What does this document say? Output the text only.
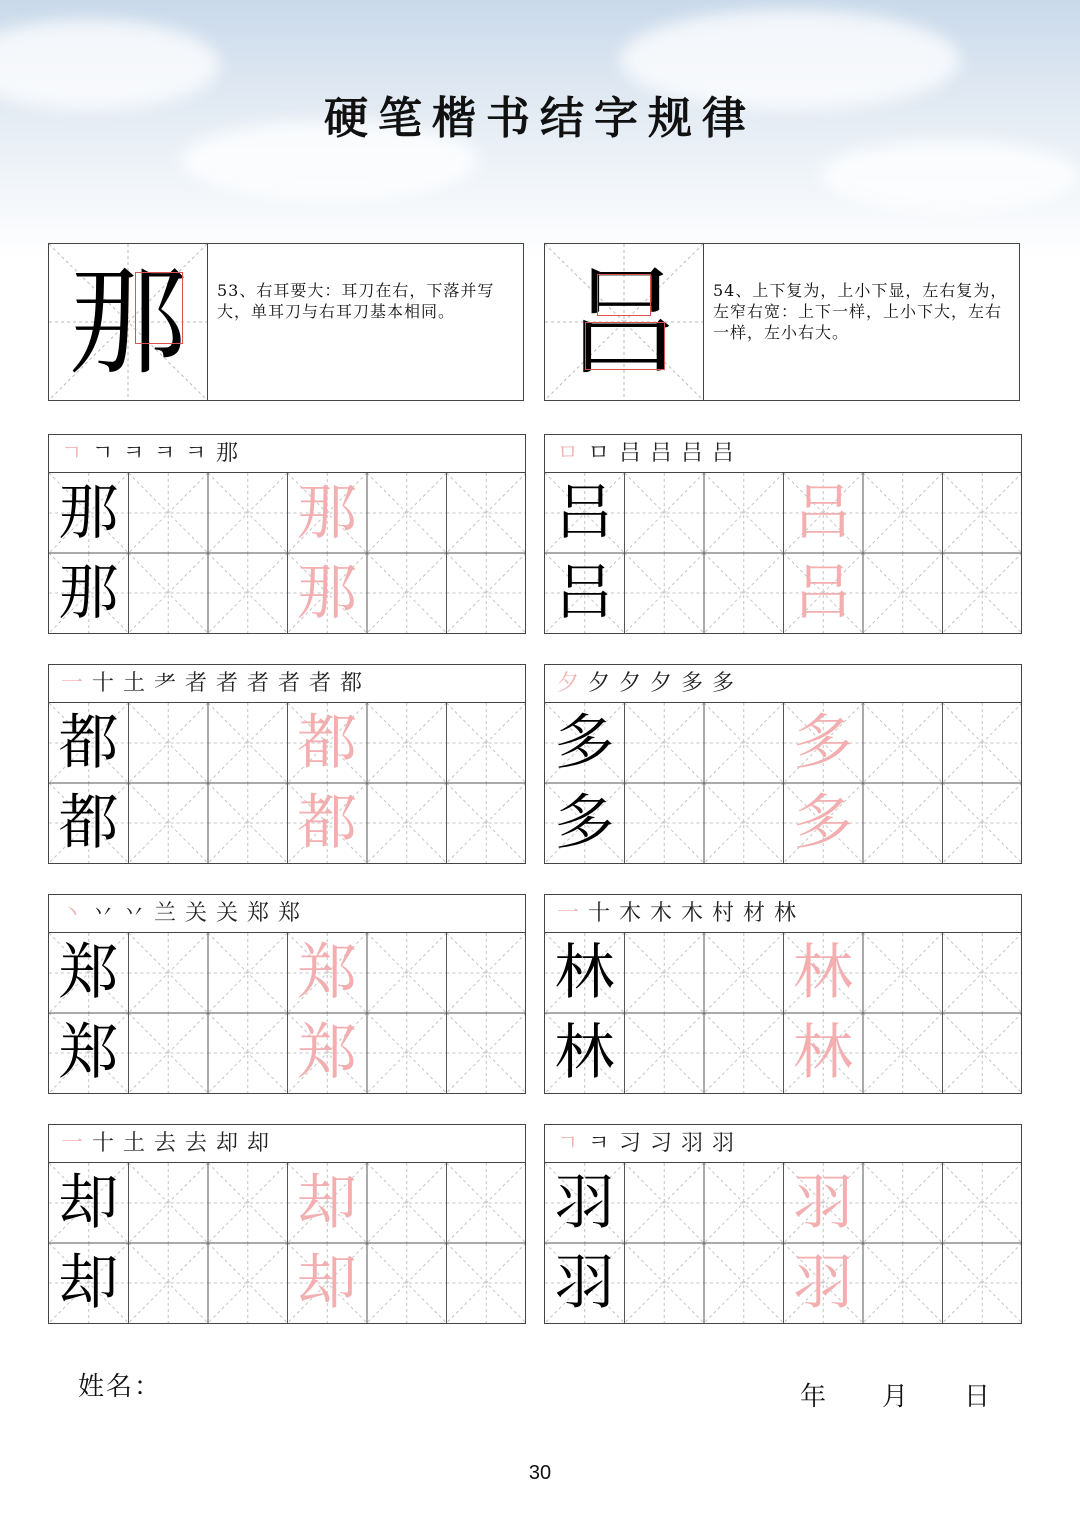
硬笔楷书结字规律
那	53、右耳要大：耳刀在右，下落并写大，单耳刀与右耳刀基本相同。 吕	54、上下复为，上小下显，左右复为，左窄右宽：上下一样，上小下大，左右一样，左小右大。
ㄱ ㄱ ㅋ ㅋ ㅋ 那
那	那
那	那
ㅁ ㅁ 吕 吕 吕 吕
吕	吕
吕	吕
一 十 土 耂 者 者 者 者 者 都
都	都
都	都
夕 夕 夕 夕 多 多
多	多
多	多
丶 丷 丷 兰 关 关 郑 郑
郑	郑
郑	郑
一 十 木 木 木 村 材 林
林	林
林	林
一 十 土 去 去 却 却
却	却
却	却
ㄱ ㅋ 习 习 羽 羽
羽	羽
羽	羽
姓名：	年 月 日
30
